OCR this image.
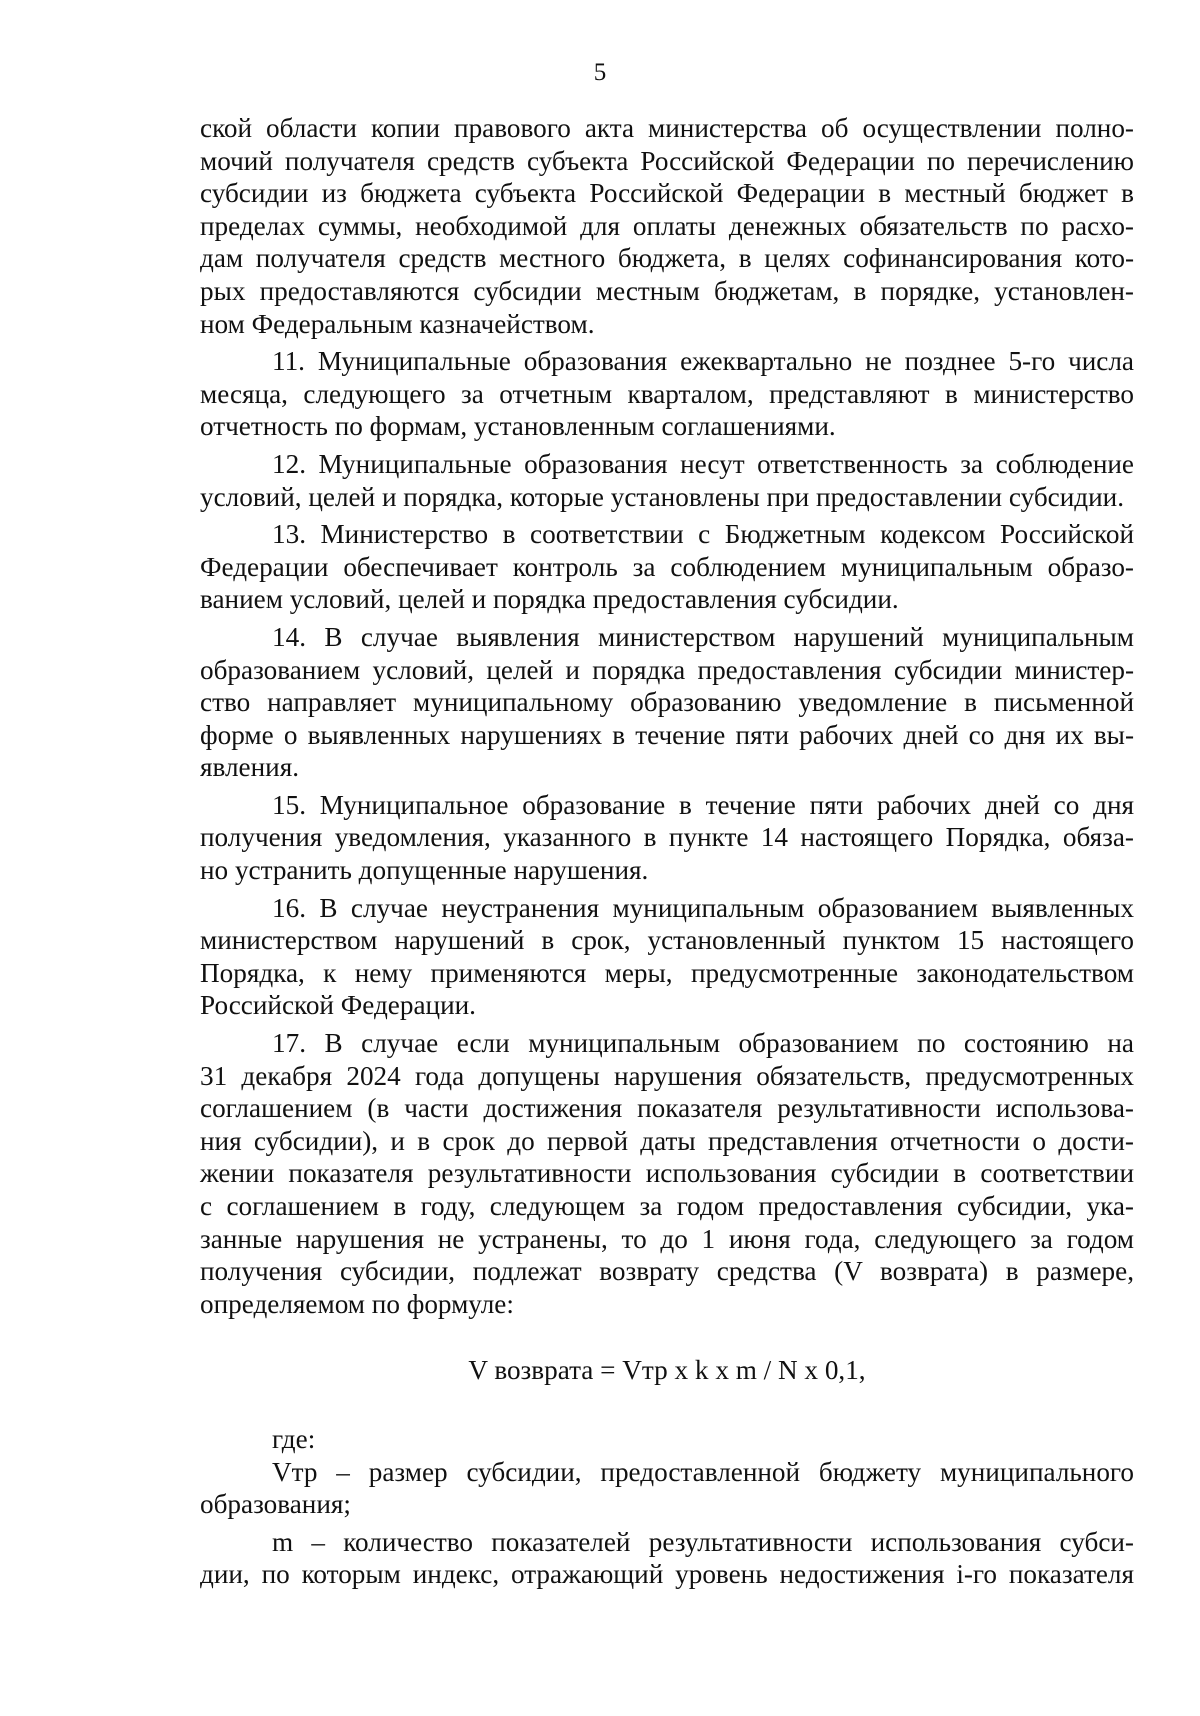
5
ской области копии правового акта министерства об осуществлении полно-
мочий получателя средств субъекта Российской Федерации по перечислению
субсидии из бюджета субъекта Российской Федерации в местный бюджет в
пределах суммы, необходимой для оплаты денежных обязательств по расхо-
дам получателя средств местного бюджета, в целях софинансирования кото-
рых предоставляются субсидии местным бюджетам, в порядке, установлен-
ном Федеральным казначейством.
11. Муниципальные образования ежеквартально не позднее 5-го числа
месяца, следующего за отчетным кварталом, представляют в министерство
отчетность по формам, установленным соглашениями.
12. Муниципальные образования несут ответственность за соблюдение
условий, целей и порядка, которые установлены при предоставлении субсидии.
13. Министерство в соответствии с Бюджетным кодексом Российской
Федерации обеспечивает контроль за соблюдением муниципальным образо-
ванием условий, целей и порядка предоставления субсидии.
14. В случае выявления министерством нарушений муниципальным
образованием условий, целей и порядка предоставления субсидии министер-
ство направляет муниципальному образованию уведомление в письменной
форме о выявленных нарушениях в течение пяти рабочих дней со дня их вы-
явления.
15. Муниципальное образование в течение пяти рабочих дней со дня
получения уведомления, указанного в пункте 14 настоящего Порядка, обяза-
но устранить допущенные нарушения.
16. В случае неустранения муниципальным образованием выявленных
министерством нарушений в срок, установленный пунктом 15 настоящего
Порядка, к нему применяются меры, предусмотренные законодательством
Российской Федерации.
17. В случае если муниципальным образованием по состоянию на
31 декабря 2024 года допущены нарушения обязательств, предусмотренных
соглашением (в части достижения показателя результативности использова-
ния субсидии), и в срок до первой даты представления отчетности о дости-
жении показателя результативности использования субсидии в соответствии
с соглашением в году, следующем за годом предоставления субсидии, ука-
занные нарушения не устранены, то до 1 июня года, следующего за годом
получения субсидии, подлежат возврату средства (V возврата) в размере,
определяемом по формуле:
V возврата = Vтр x k x m / N x 0,1,
где:
Vтр – размер субсидии, предоставленной бюджету муниципального
образования;
m – количество показателей результативности использования субси-
дии, по которым индекс, отражающий уровень недостижения i-го показателя
